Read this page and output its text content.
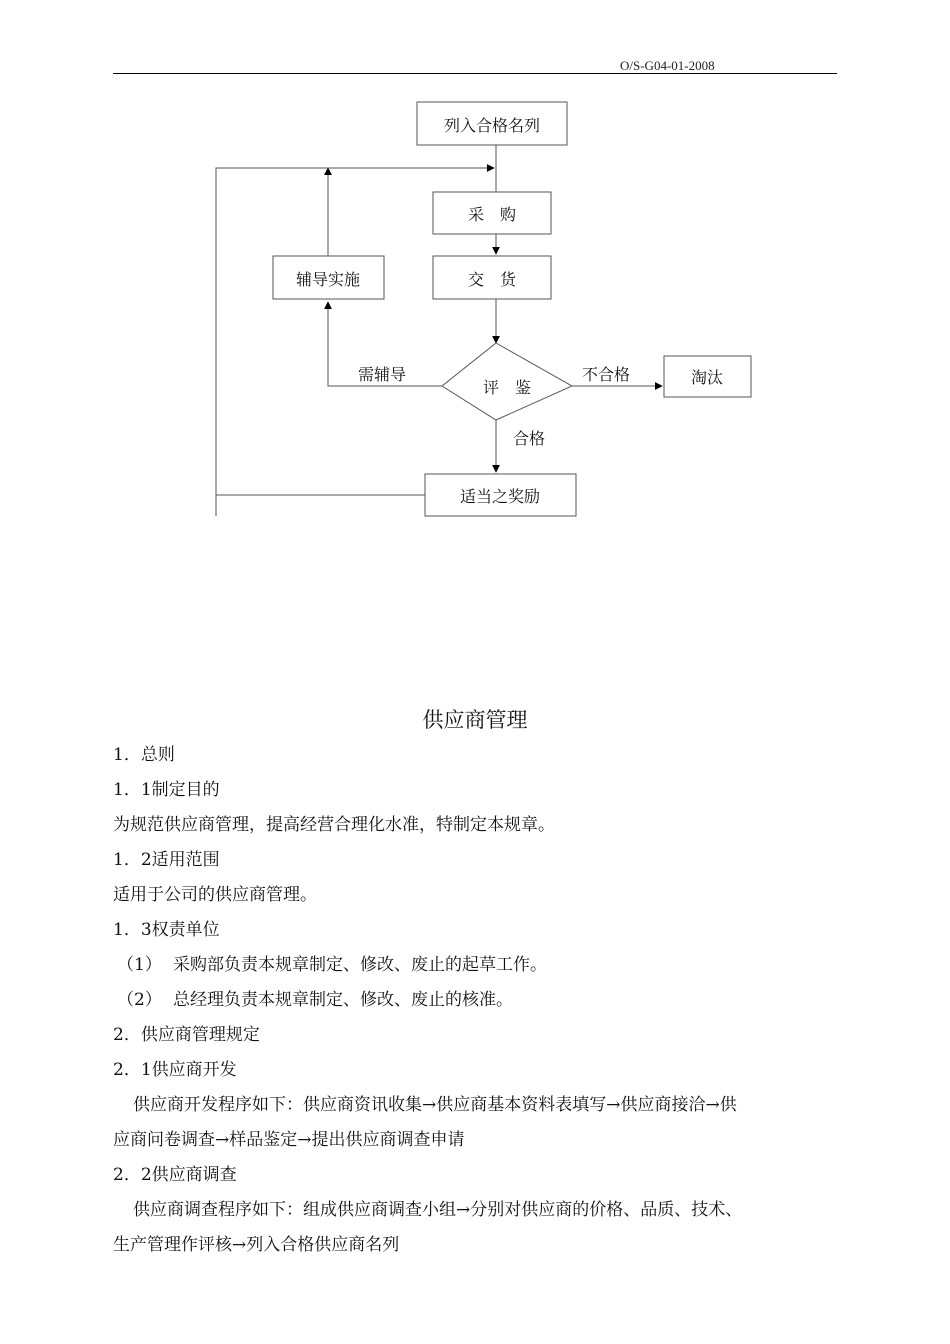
O/S-G04-01-2008
列入合格名列
采　购
交　货
辅导实施
评　鉴
淘汰
适当之奖励
需辅导	不合格
合格
供应商管理
1．总则
1．1制定目的
为规范供应商管理，提高经营合理化水准，特制定本规章。
1．2适用范围
适用于公司的供应商管理。
1．3权责单位
（1） 采购部负责本规章制定、修改、废止的起草工作。
（2） 总经理负责本规章制定、修改、废止的核准。
2．供应商管理规定
2．1供应商开发
供应商开发程序如下：供应商资讯收集→供应商基本资料表填写→供应商接洽→供
应商问卷调查→样品鉴定→提出供应商调查申请
2．2供应商调查
供应商调查程序如下：组成供应商调查小组→分别对供应商的价格、品质、技术、
生产管理作评核→列入合格供应商名列
